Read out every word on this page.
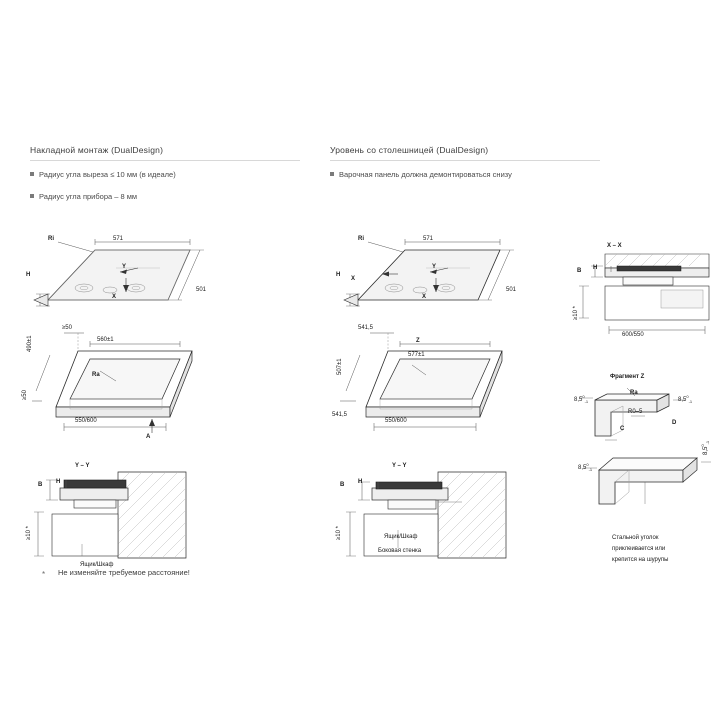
Накладной монтаж (DualDesign)
Радиус угла выреза ≤ 10 мм (в идеале)
Радиус угла прибора – 8 мм
Уровень со столешницей (DualDesign)
Варочная панель должна демонтироваться снизу
Ri	571
501
H
Y
X
≥50
560±1
490±1
≥50
Ra
550/600
A
Y – Y
B H
≥10 *
Ящик/Шкаф
Ri	571
501
H
Y
X
X
541,5
Z
577±1
507±1
541,5
550/600
Y – Y
B H
≥10 *	Ящик/Шкаф
Боковая стенка
X – X
B H
≥10 *
600/550
Фрагмент Z
Ra
$8,5^0_{-1}$	$8,5^0_{-1}$
R0–5
C
D
$8,5^0_{-1}$
$8,5^0_{-1}$
Стальной уголок
приклеивается или
крепится на шурупы
* Не изменяйте требуемое расстояние!
